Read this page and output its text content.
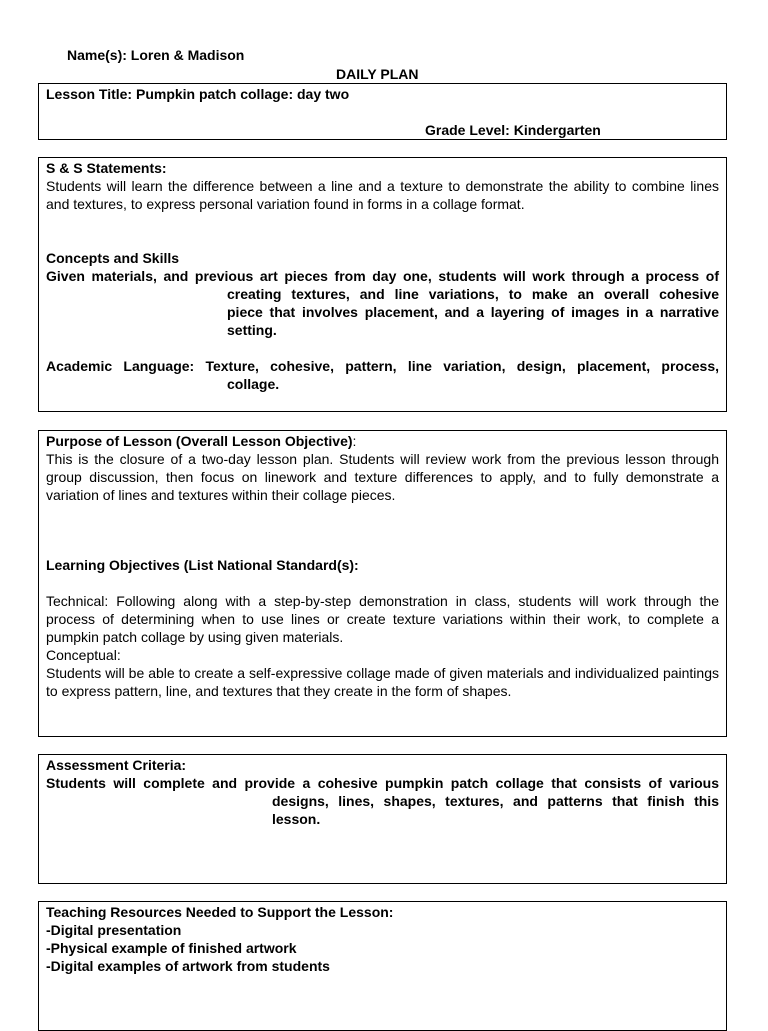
Name(s): Loren & Madison
DAILY PLAN
Lesson Title: Pumpkin patch collage: day two
Grade Level: Kindergarten
S & S Statements:
Students will learn the difference between a line and a texture to demonstrate the ability to combine lines and textures, to express personal variation found in forms in a collage format.
Concepts and Skills
Given materials, and previous art pieces from day one, students will work through a process of
creating textures, and line variations, to make an overall cohesive
piece that involves placement, and a layering of images in a narrative
setting.
Academic Language: Texture, cohesive, pattern, line variation, design, placement, process,
collage.
Purpose of Lesson (Overall Lesson Objective):
This is the closure of a two-day lesson plan. Students will review work from the previous lesson through group discussion, then focus on linework and texture differences to apply, and to fully demonstrate a variation of lines and textures within their collage pieces.
Learning Objectives (List National Standard(s):
Technical: Following along with a step-by-step demonstration in class, students will work through the process of determining when to use lines or create texture variations within their work, to complete a pumpkin patch collage by using given materials.
Conceptual:
Students will be able to create a self-expressive collage made of given materials and individualized paintings to express pattern, line, and textures that they create in the form of shapes.
Assessment Criteria:
Students will complete and provide a cohesive pumpkin patch collage that consists of various
designs, lines, shapes, textures, and patterns that finish this
lesson.
Teaching Resources Needed to Support the Lesson:
-Digital presentation
-Physical example of finished artwork
-Digital examples of artwork from students
